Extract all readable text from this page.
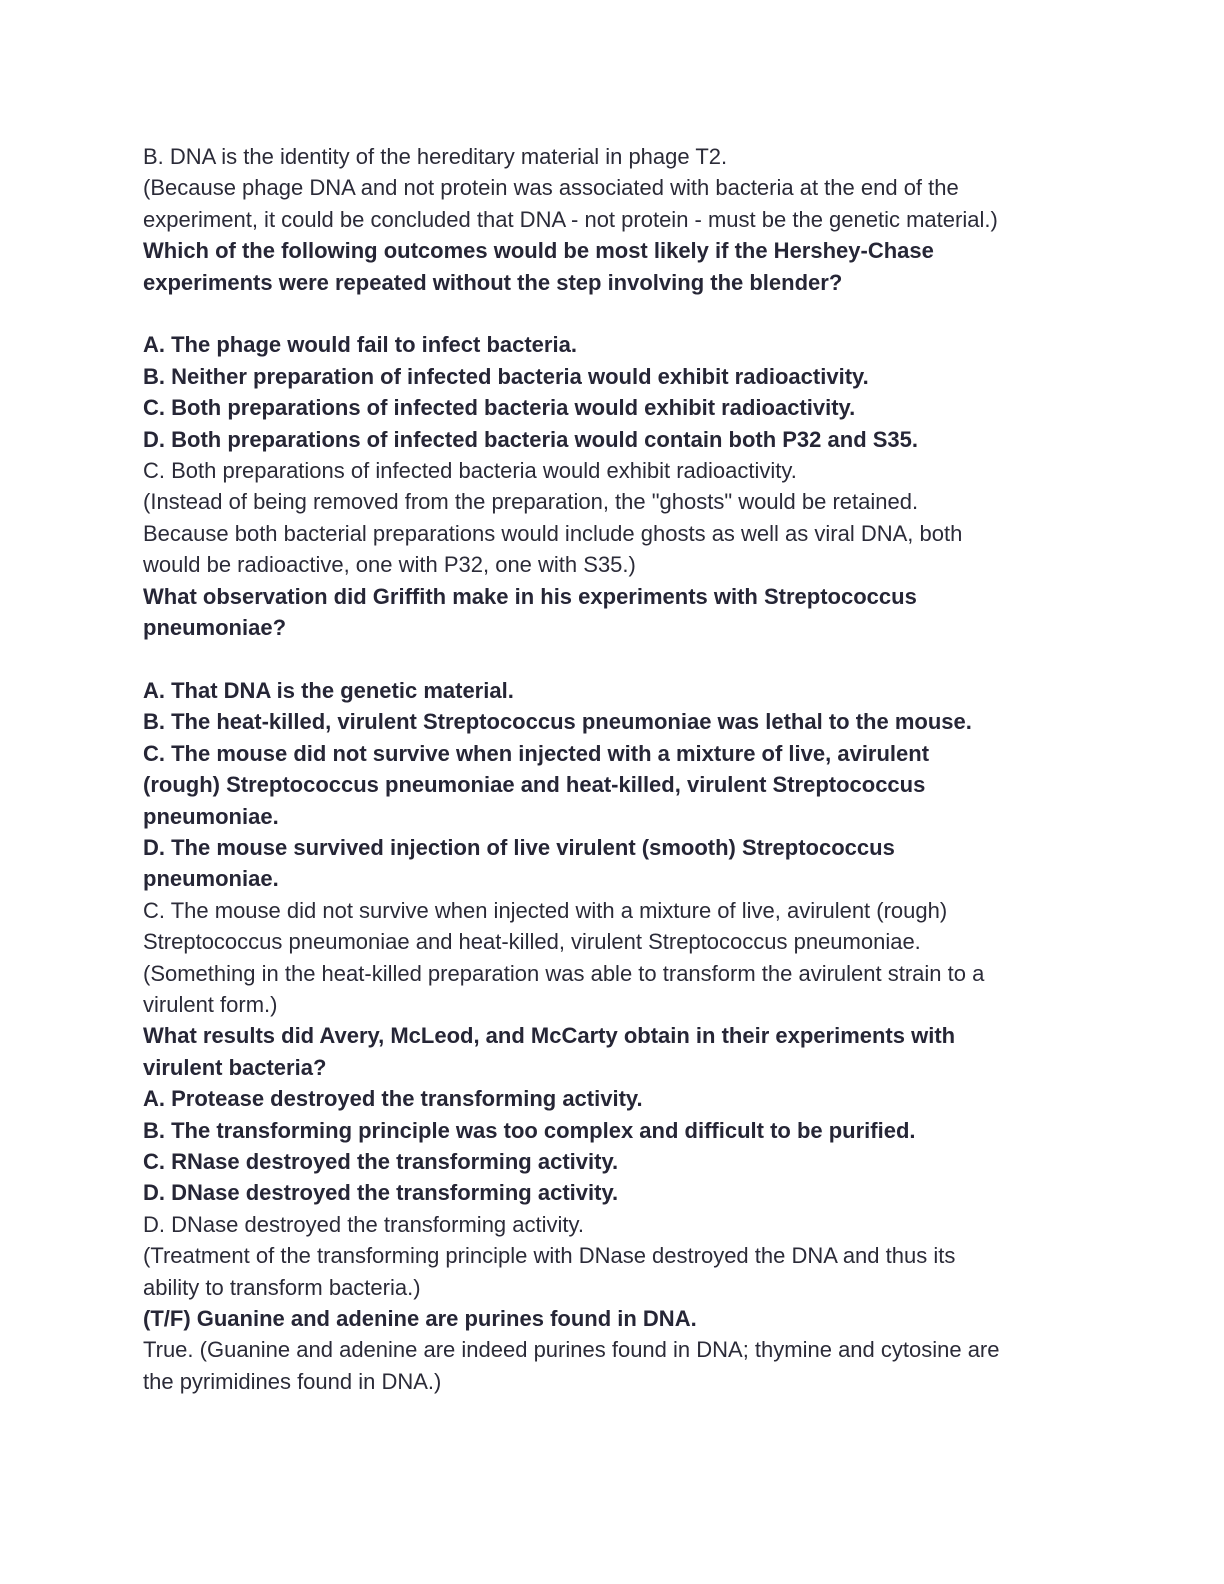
B. DNA is the identity of the hereditary material in phage T2.
(Because phage DNA and not protein was associated with bacteria at the end of the
experiment, it could be concluded that DNA - not protein - must be the genetic material.)
Which of the following outcomes would be most likely if the Hershey-Chase
experiments were repeated without the step involving the blender?
A. The phage would fail to infect bacteria.
B. Neither preparation of infected bacteria would exhibit radioactivity.
C. Both preparations of infected bacteria would exhibit radioactivity.
D. Both preparations of infected bacteria would contain both P32 and S35.
C. Both preparations of infected bacteria would exhibit radioactivity.
(Instead of being removed from the preparation, the "ghosts" would be retained.
Because both bacterial preparations would include ghosts as well as viral DNA, both
would be radioactive, one with P32, one with S35.)
What observation did Griffith make in his experiments with Streptococcus
pneumoniae?
A. That DNA is the genetic material.
B. The heat-killed, virulent Streptococcus pneumoniae was lethal to the mouse.
C. The mouse did not survive when injected with a mixture of live, avirulent
(rough) Streptococcus pneumoniae and heat-killed, virulent Streptococcus
pneumoniae.
D. The mouse survived injection of live virulent (smooth) Streptococcus
pneumoniae.
C. The mouse did not survive when injected with a mixture of live, avirulent (rough)
Streptococcus pneumoniae and heat-killed, virulent Streptococcus pneumoniae.
(Something in the heat-killed preparation was able to transform the avirulent strain to a
virulent form.)
What results did Avery, McLeod, and McCarty obtain in their experiments with
virulent bacteria?
A. Protease destroyed the transforming activity.
B. The transforming principle was too complex and difficult to be purified.
C. RNase destroyed the transforming activity.
D. DNase destroyed the transforming activity.
D. DNase destroyed the transforming activity.
(Treatment of the transforming principle with DNase destroyed the DNA and thus its
ability to transform bacteria.)
(T/F) Guanine and adenine are purines found in DNA.
True. (Guanine and adenine are indeed purines found in DNA; thymine and cytosine are
the pyrimidines found in DNA.)
